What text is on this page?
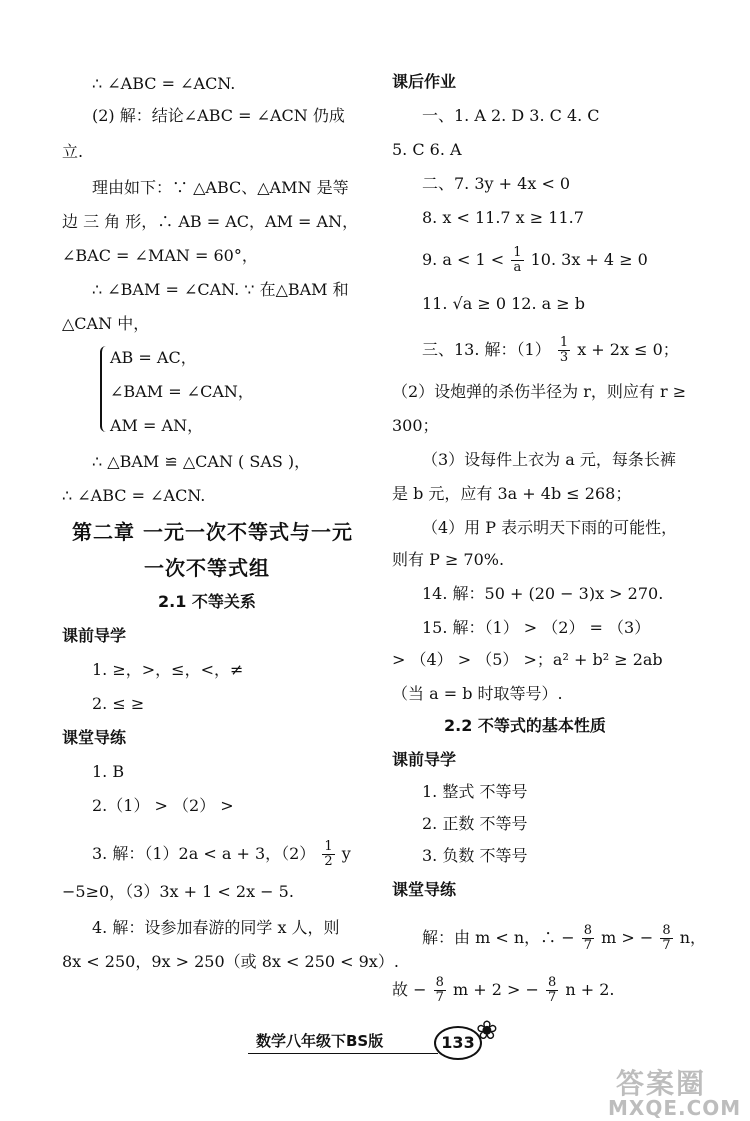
∴ ∠ABC = ∠ACN.
(2) 解：结论∠ABC = ∠ACN 仍成
立.
理由如下：∵ △ABC、△AMN 是等
边 三 角 形，∴ AB = AC，AM = AN，
∠BAC = ∠MAN = 60°，
∴ ∠BAM = ∠CAN. ∵ 在△BAM 和
△CAN 中，
AB = AC，
∠BAM = ∠CAN，
AM = AN，
∴ △BAM ≌ △CAN ( SAS )，
∴ ∠ABC = ∠ACN.
第二章 一元一次不等式与一元
一次不等式组
2.1 不等关系
课前导学
1. ≥，>，≤，<，≠
2. ≤ ≥
课堂导练
1. B
2.（1） > （2） >
3. 解：（1）2a < a + 3，$(2) \frac{1}{2}$ y
−5≥0，（3）3x + 1 < 2x − 5.
4. 解：设参加春游的同学 x 人，则
8x < 250，9x > 250（或 8x < 250 < 9x）.
课后作业
一、1. A 2. D 3. C 4. C
5. C 6. A
二、7. 3y + 4x < 0
8. x < 11.7 x ≥ 11.7
9. $a < 1 < \frac{1}{a} 10$. 3x + 4 ≥ 0
11. √a ≥ 0 12. a ≥ b
三、13. 解：$(1) \frac{1}{3}$ x + 2x ≤ 0；
（2）设炮弹的杀伤半径为 r，则应有 r ≥
300；
（3）设每件上衣为 a 元，每条长裤
是 b 元，应有 3a + 4b ≤ 268；
（4）用 P 表示明天下雨的可能性，
则有 P ≥ 70%.
14. 解：50 + (20 − 3)x > 270.
15. 解：（1） > （2） = （3）
> （4） > （5） >；a² + b² ≥ 2ab
（当 a = b 时取等号）.
2.2 不等式的基本性质
课前导学
1. 整式 不等号
2. 正数 不等号
3. 负数 不等号
课堂导练
解：由 m < n，∴ − $\frac{8}{7}$ m > − $\frac{8}{7}$ n，
故 − $\frac{8}{7}$ m + 2 > − $\frac{8}{7}$ n + 2.
数学八年级下BS版	133 ❀
答案圈
MXQE.COM
